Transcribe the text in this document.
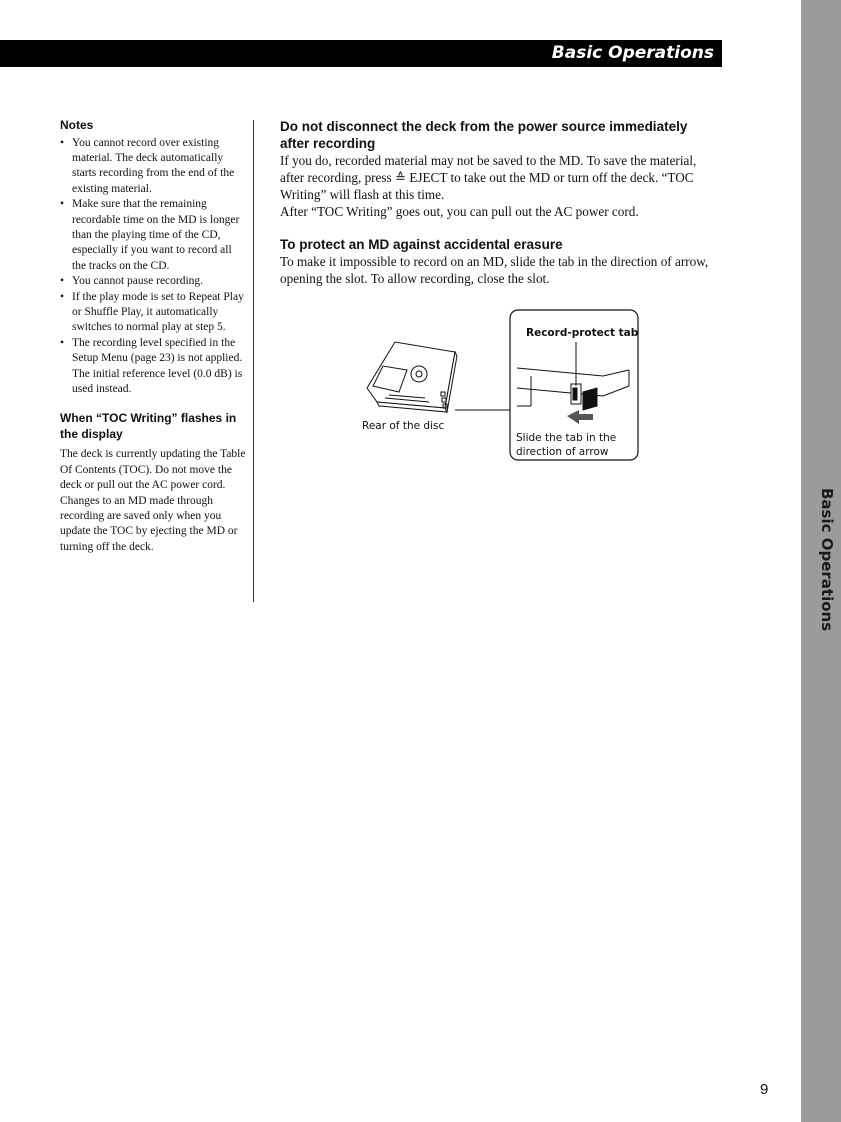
Basic Operations
Basic Operations
Notes
• You cannot record over existing material. The deck automatically starts recording from the end of the existing material.
• Make sure that the remaining recordable time on the MD is longer than the playing time of the CD, especially if you want to record all the tracks on the CD.
• You cannot pause recording.
• If the play mode is set to Repeat Play or Shuffle Play, it automatically switches to normal play at step 5.
• The recording level specified in the Setup Menu (page 23) is not applied. The initial reference level (0.0 dB) is used instead.
When “TOC Writing” flashes in the display

The deck is currently updating the Table Of Contents (TOC). Do not move the deck or pull out the AC power cord. Changes to an MD made through recording are saved only when you update the TOC by ejecting the MD or turning off the deck.

Do not disconnect the deck from the power source immediately after recording

If you do, recorded material may not be saved to the MD. To save the material, after recording, press ≙ EJECT to take out the MD or turn off the deck. “TOC Writing” will flash at this time.

After “TOC Writing” goes out, you can pull out the AC power cord.

To protect an MD against accidental erasure

To make it impossible to record on an MD, slide the tab in the direction of arrow, opening the slot. To allow recording, close the slot.

Record-protect tab
Rear of the disc
Slide the tab in the
direction of arrow
9
